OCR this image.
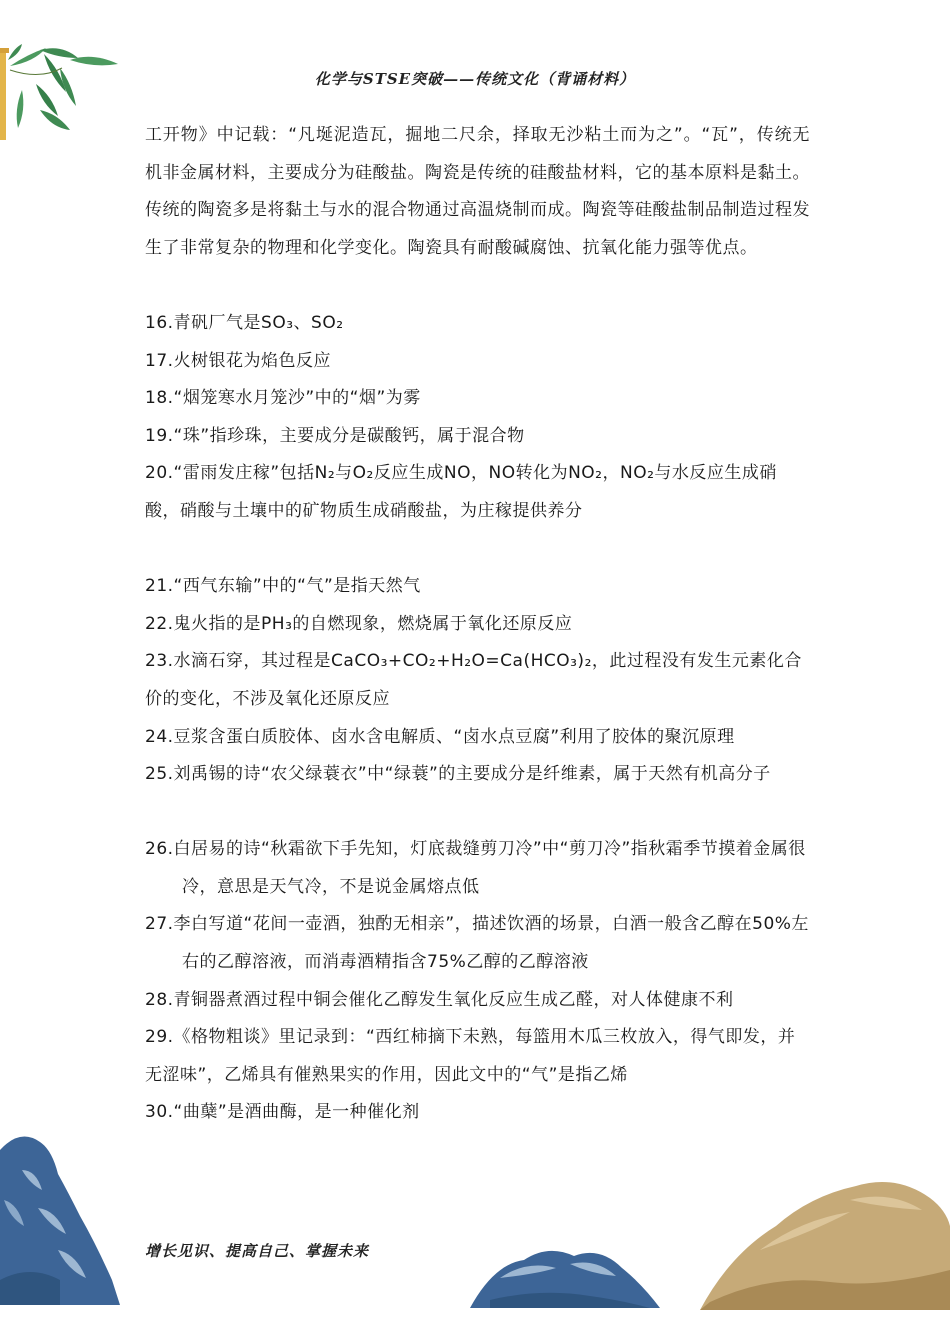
化学与STSE突破——传统文化（背诵材料）

工开物》中记载：“凡埏泥造瓦，掘地二尺余，择取无沙粘土而为之”。“瓦”，传统无机非金属材料，主要成分为硅酸盐。陶瓷是传统的硅酸盐材料，它的基本原料是黏土。传统的陶瓷多是将黏土与水的混合物通过高温烧制而成。陶瓷等硅酸盐制品制造过程发生了非常复杂的物理和化学变化。陶瓷具有耐酸碱腐蚀、抗氧化能力强等优点。

16.青矾厂气是SO₃、SO₂

17.火树银花为焰色反应

18.“烟笼寒水月笼沙”中的“烟”为雾

19.“珠”指珍珠，主要成分是碳酸钙，属于混合物

20.“雷雨发庄稼”包括N₂与O₂反应生成NO，NO转化为NO₂，NO₂与水反应生成硝酸，硝酸与土壤中的矿物质生成硝酸盐，为庄稼提供养分

21.“西气东输”中的“气”是指天然气

22.鬼火指的是PH₃的自燃现象，燃烧属于氧化还原反应

23.水滴石穿，其过程是CaCO₃+CO₂+H₂O=Ca(HCO₃)₂，此过程没有发生元素化合价的变化，不涉及氧化还原反应

24.豆浆含蛋白质胶体、卤水含电解质、“卤水点豆腐”利用了胶体的聚沉原理

25.刘禹锡的诗“农父绿蓑衣”中“绿蓑”的主要成分是纤维素，属于天然有机高分子

26.白居易的诗“秋霜欲下手先知，灯底裁缝剪刀冷”中“剪刀冷”指秋霜季节摸着金属很冷，意思是天气冷，不是说金属熔点低

27.李白写道“花间一壶酒，独酌无相亲”，描述饮酒的场景，白酒一般含乙醇在50%左右的乙醇溶液，而消毒酒精指含75%乙醇的乙醇溶液

28.青铜器煮酒过程中铜会催化乙醇发生氧化反应生成乙醛，对人体健康不利

29.《格物粗谈》里记录到：“西红柿摘下未熟，每篮用木瓜三枚放入，得气即发，并无涩味”，乙烯具有催熟果实的作用，因此文中的“气”是指乙烯

30.“曲蘖”是酒曲酶，是一种催化剂

增长见识、提高自己、掌握未来
